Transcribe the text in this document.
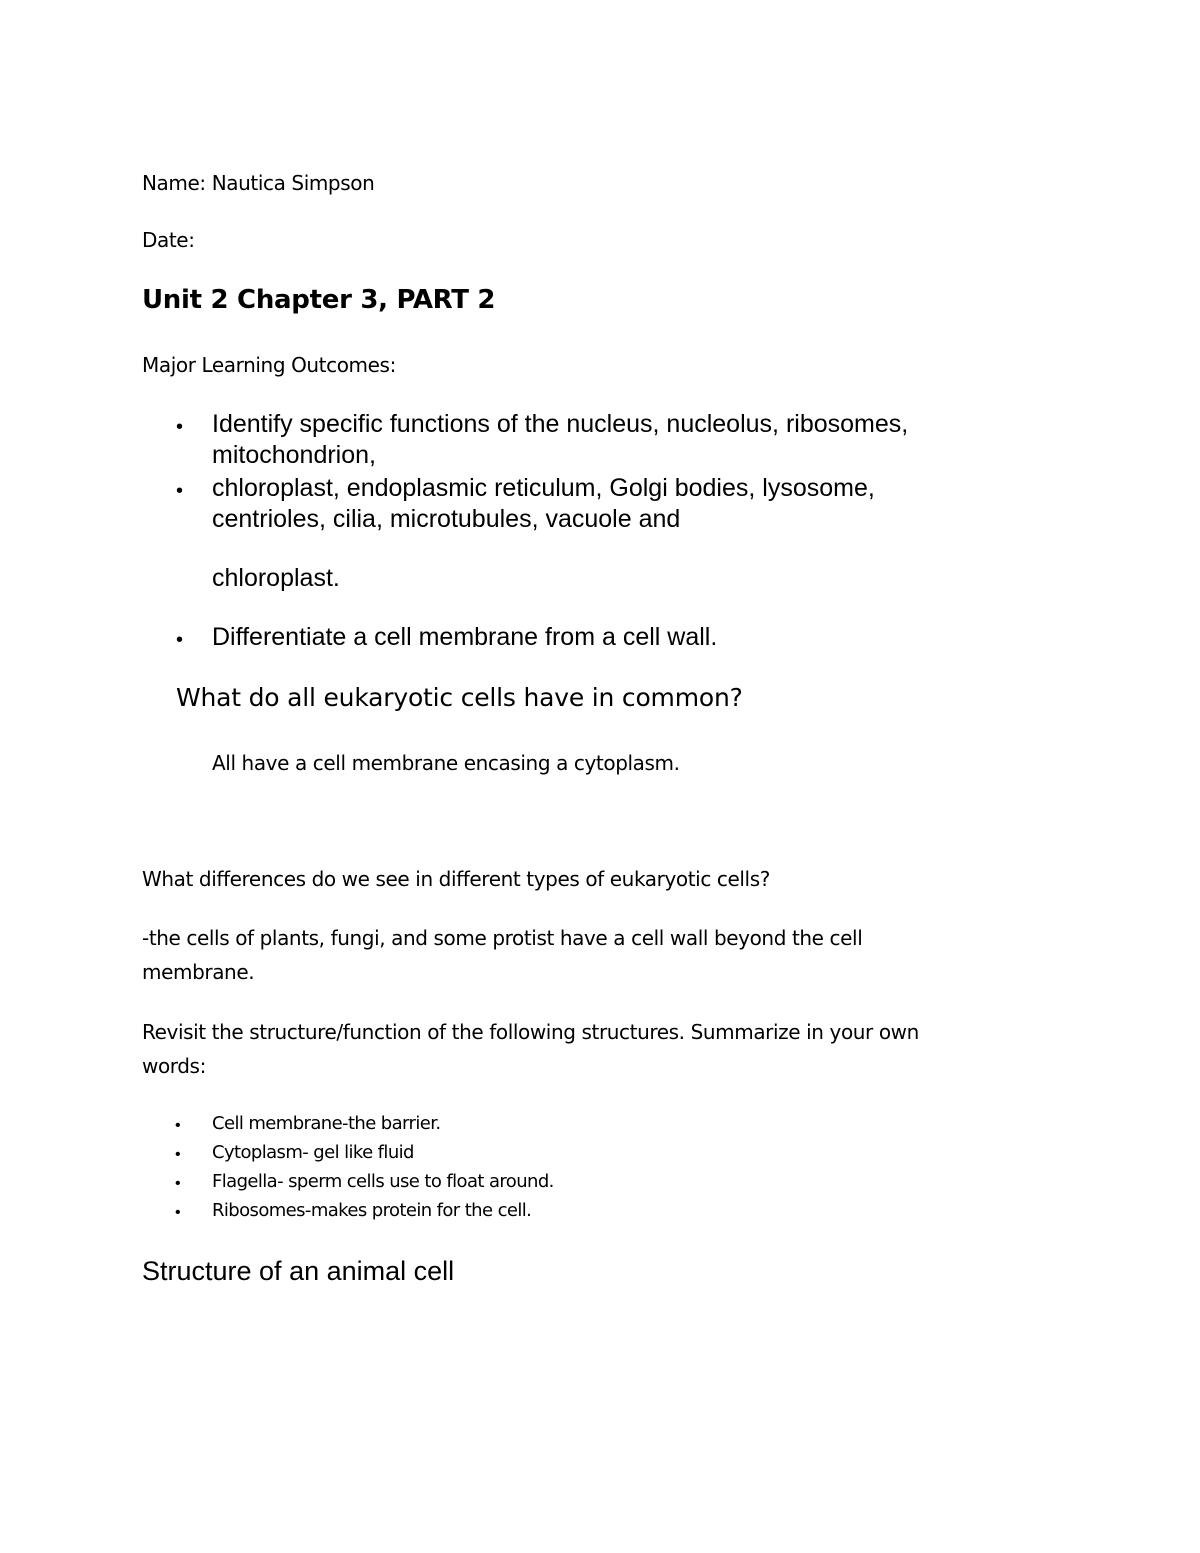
Name: Nautica Simpson

Date:

Unit 2 Chapter 3, PART 2

Major Learning Outcomes:

• Identify specific functions of the nucleus, nucleolus, ribosomes,

mitochondrion,

• chloroplast, endoplasmic reticulum, Golgi bodies, lysosome,

centrioles, cilia, microtubules, vacuole and

chloroplast.

• Differentiate a cell membrane from a cell wall.

What do all eukaryotic cells have in common?

All have a cell membrane encasing a cytoplasm.

What differences do we see in different types of eukaryotic cells?

-the cells of plants, fungi, and some protist have a cell wall beyond the cell

membrane.

Revisit the structure/function of the following structures. Summarize in your own

words:

• Cell membrane-the barrier.

• Cytoplasm- gel like fluid

• Flagella- sperm cells use to float around.

• Ribosomes-makes protein for the cell.

Structure of an animal cell
